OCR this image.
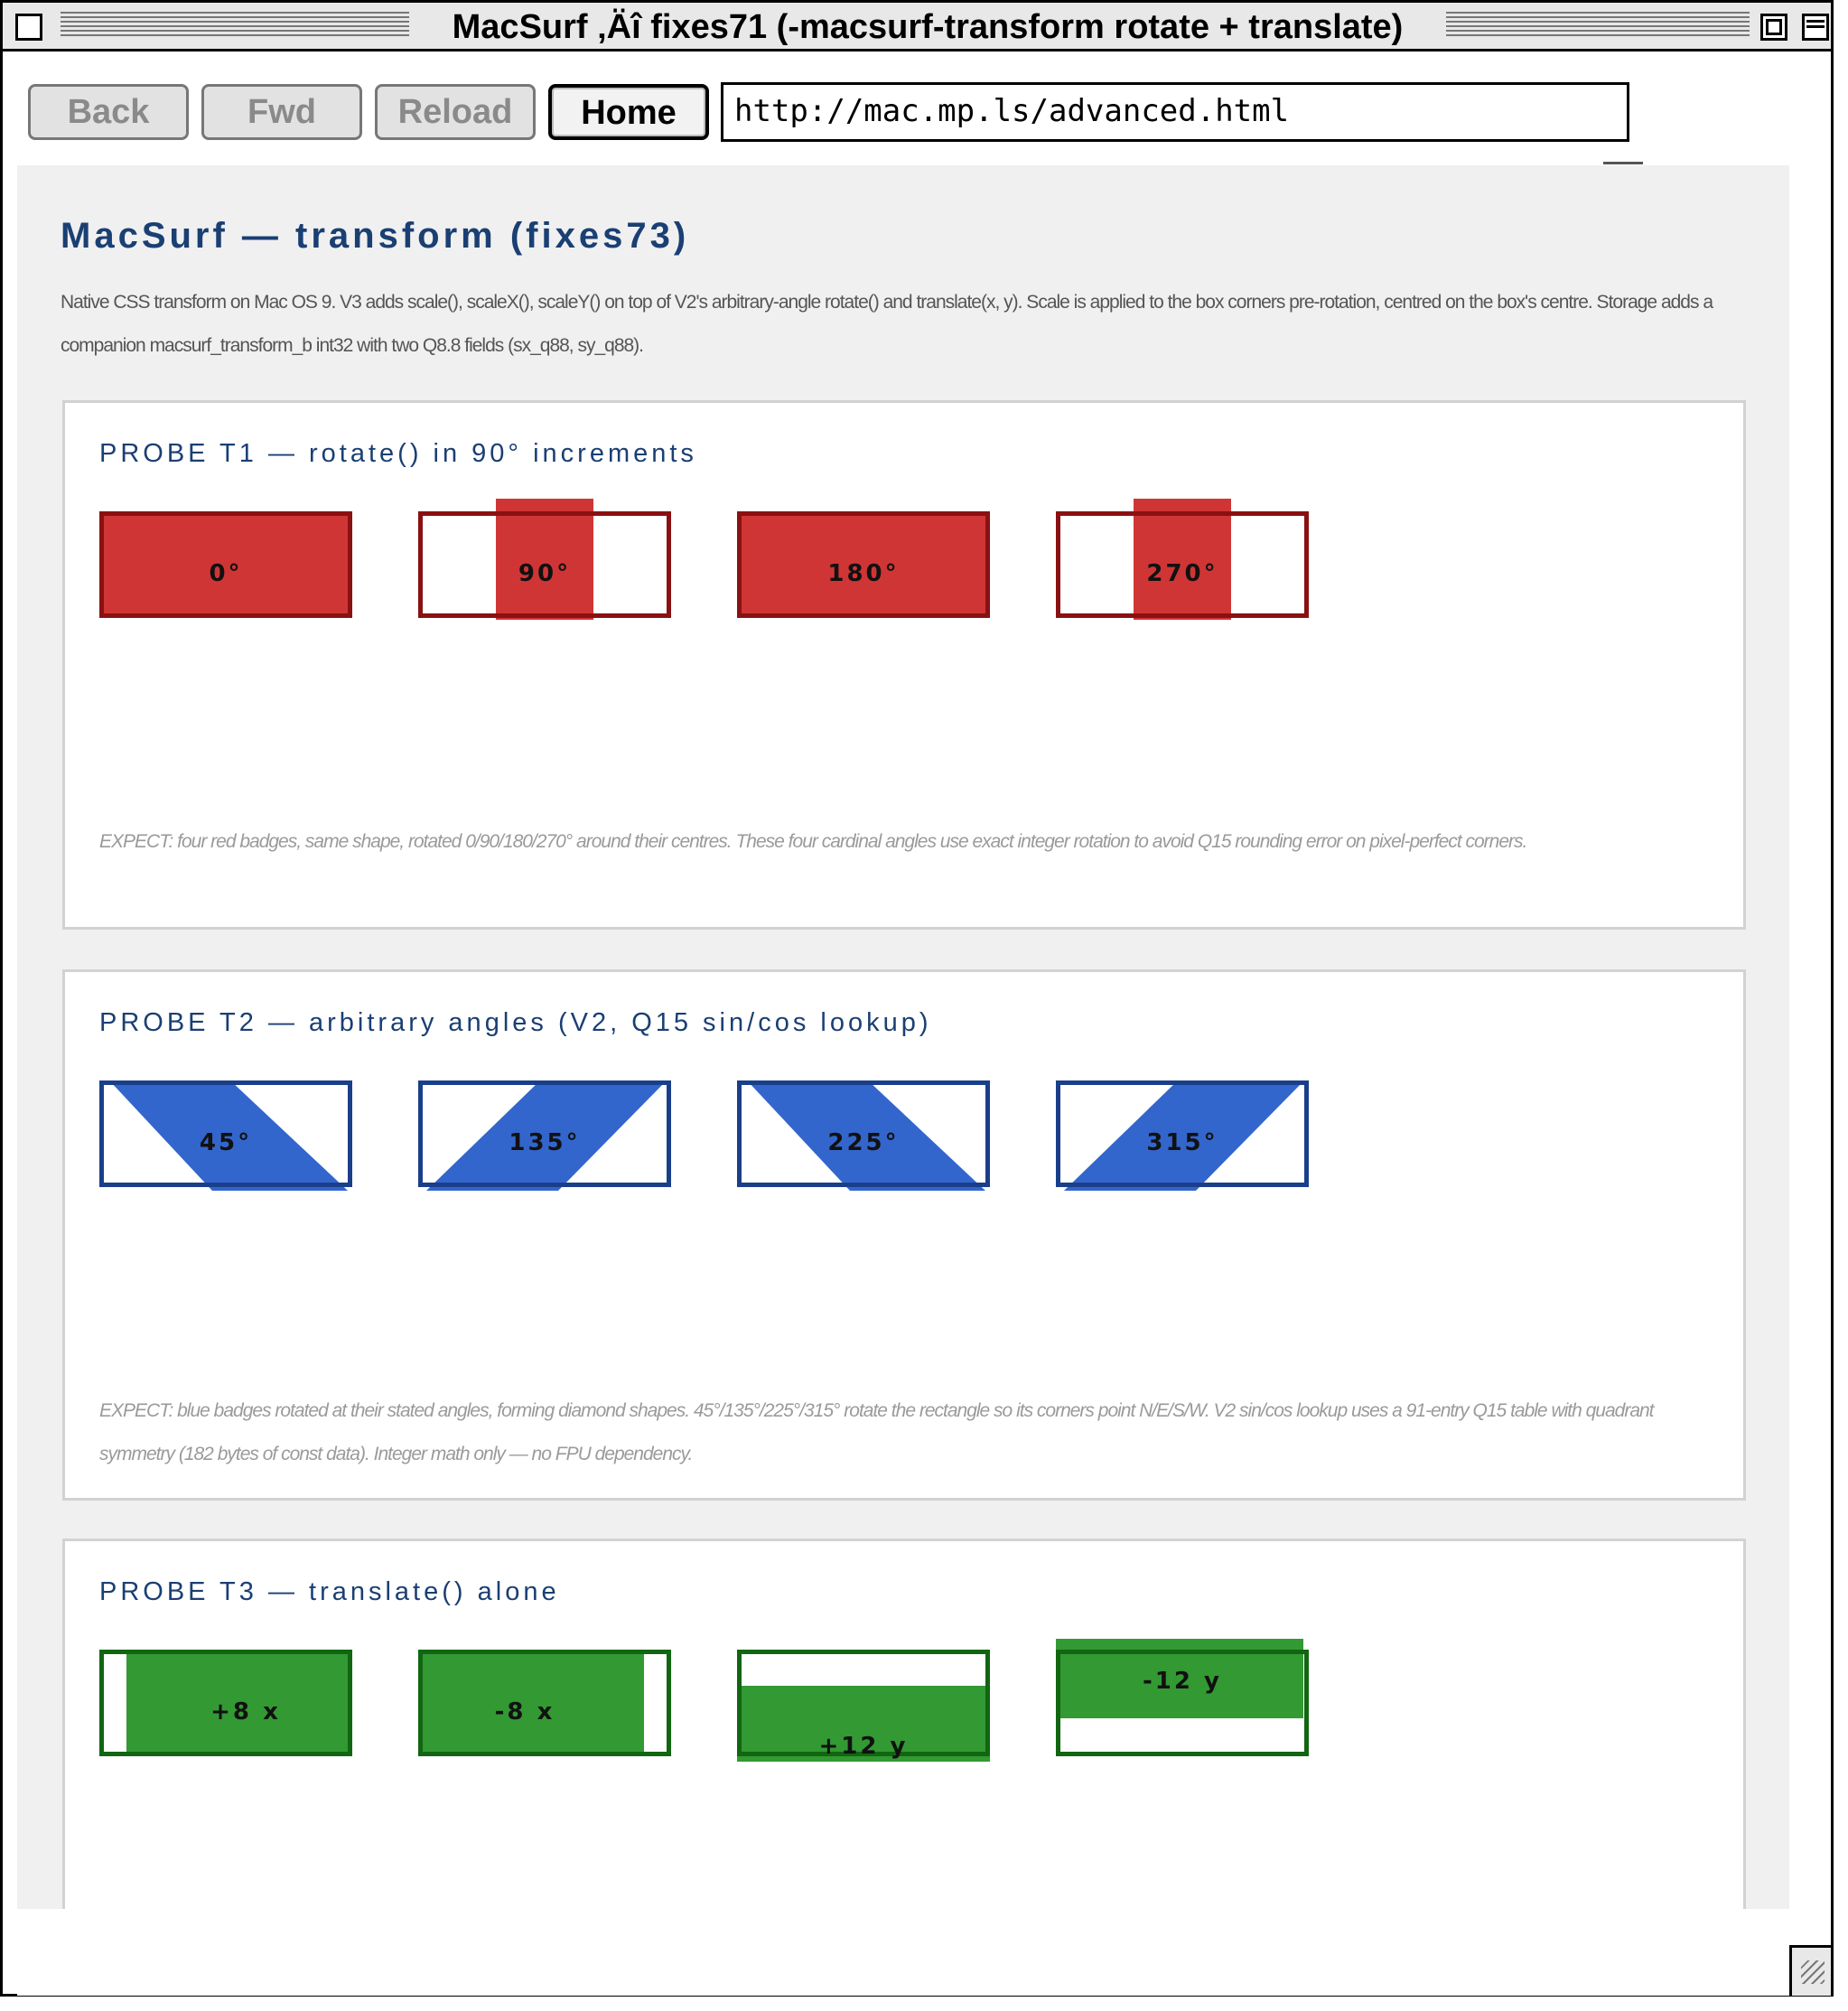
MacSurf ‚Äî fixes71 (-macsurf-transform rotate + translate)
Back	Fwd	Reload	Home	http://mac.mp.ls/advanced.html
MacSurf — transform (fixes73)
Native CSS transform on Mac OS 9. V3 adds scale(), scaleX(), scaleY() on top of V2's arbitrary-angle rotate() and translate(x, y). Scale is applied to the box corners pre-rotation, centred on the box's centre. Storage adds a companion macsurf_transform_b int32 with two Q8.8 fields (sx_q88, sy_q88).
PROBE T1 — rotate() in 90° increments
0°	90°	180°	270°
EXPECT: four red badges, same shape, rotated 0/90/180/270° around their centres. These four cardinal angles use exact integer rotation to avoid Q15 rounding error on pixel-perfect corners.
PROBE T2 — arbitrary angles (V2, Q15 sin/cos lookup)
45°	135°	225°	315°
EXPECT: blue badges rotated at their stated angles, forming diamond shapes. 45°/135°/225°/315° rotate the rectangle so its corners point N/E/S/W. V2 sin/cos lookup uses a 91-entry Q15 table with quadrant symmetry (182 bytes of const data). Integer math only — no FPU dependency.
PROBE T3 — translate() alone
+8 x	-8 x
+12 y
-12 y
